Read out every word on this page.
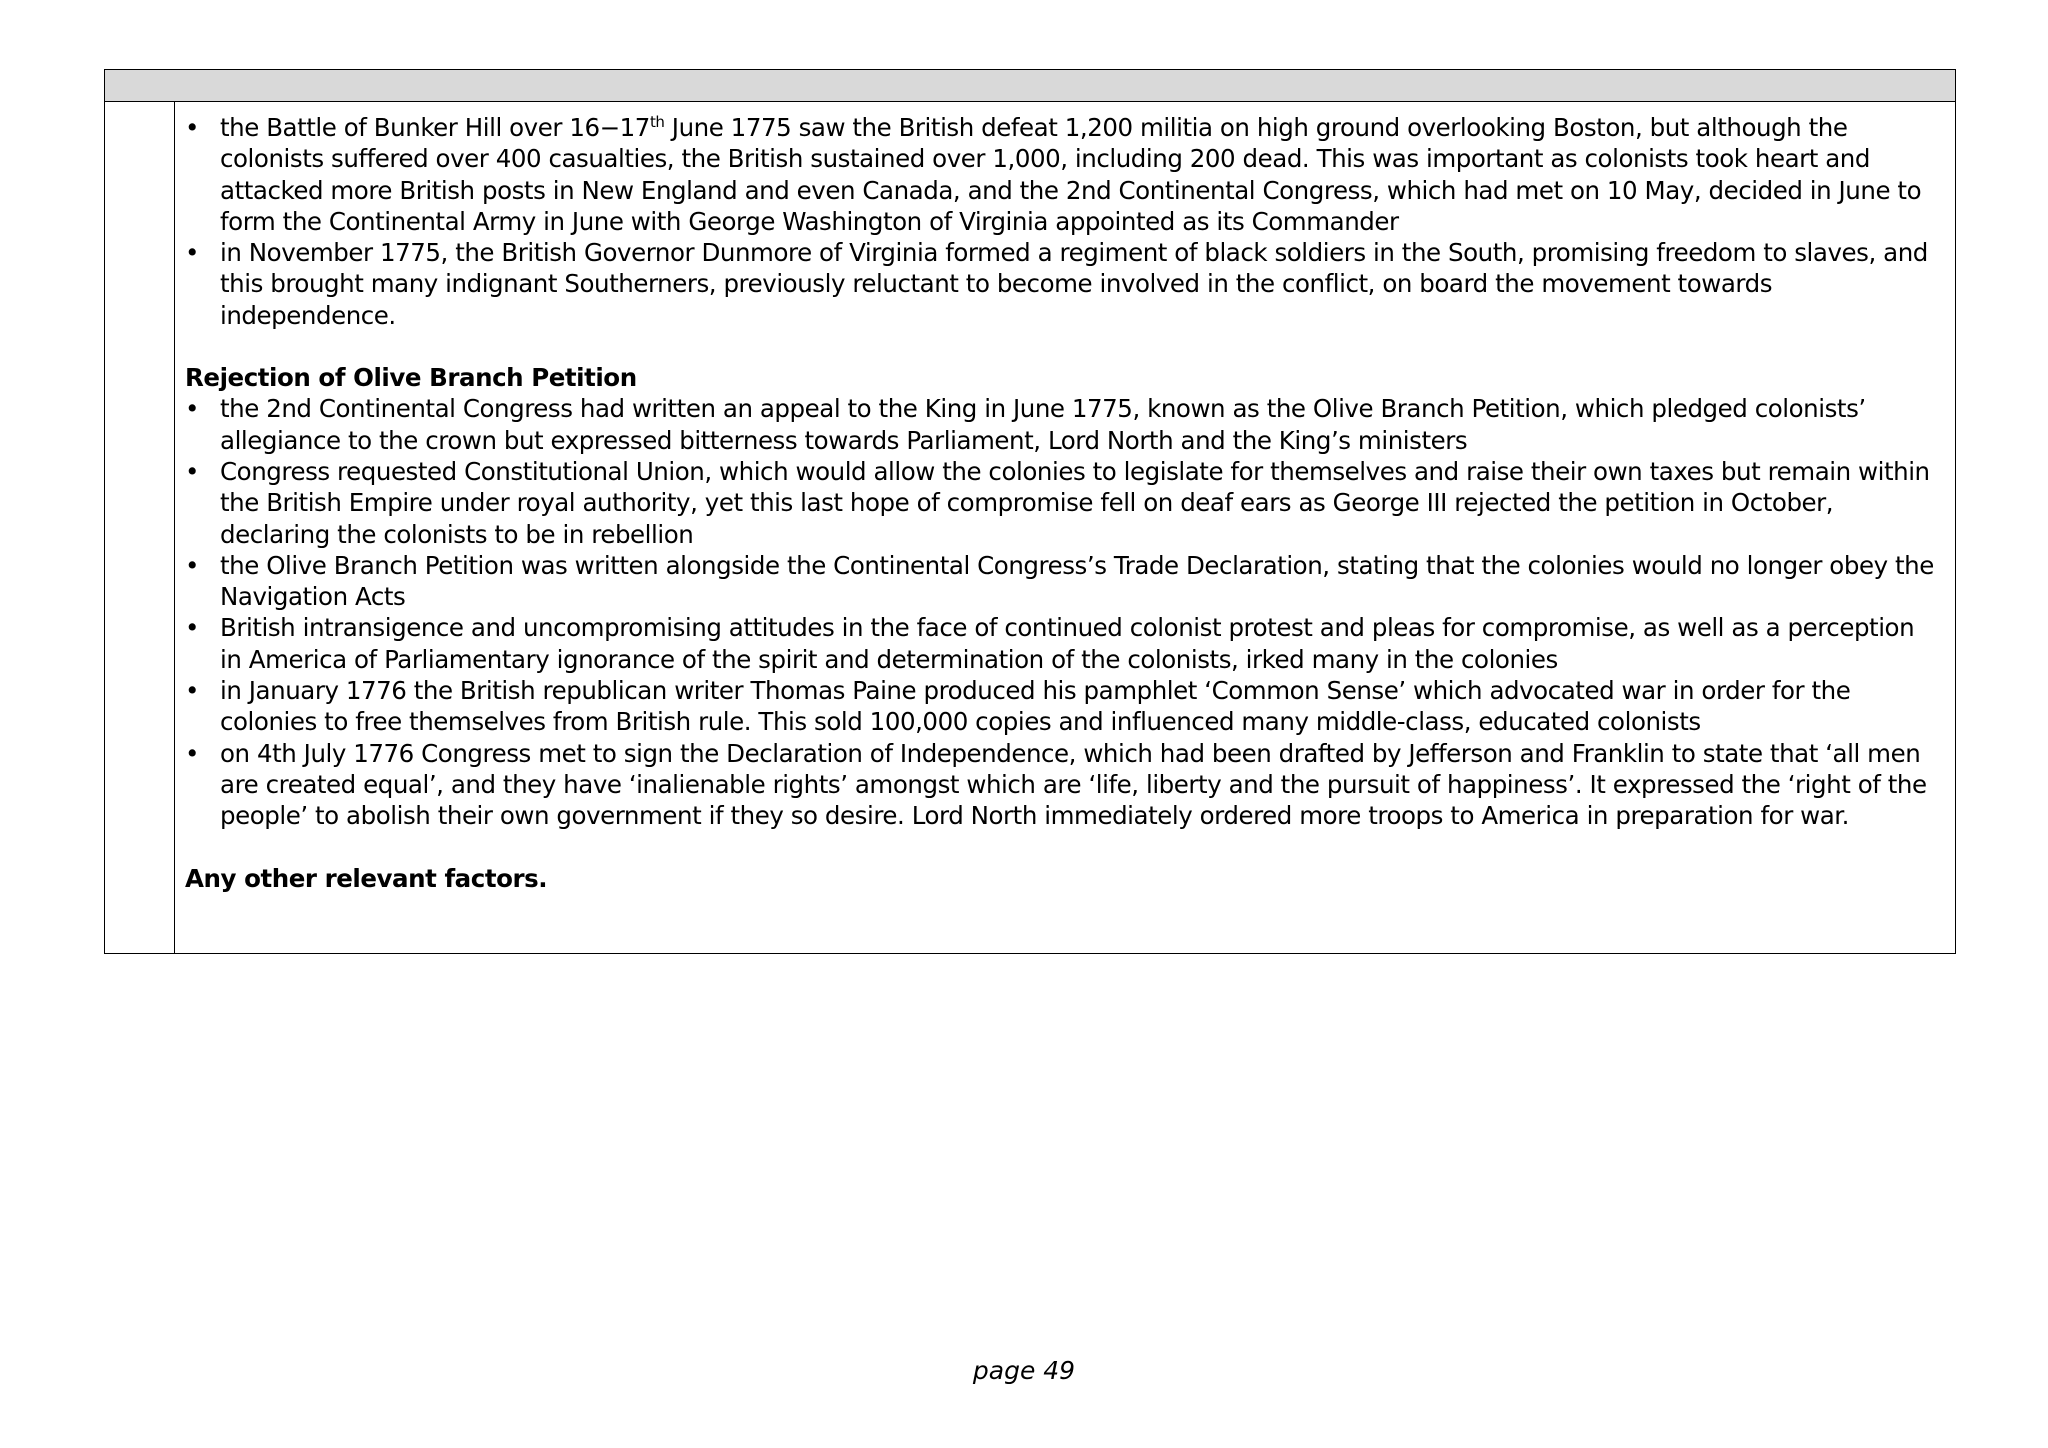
• the Battle of Bunker Hill over 16−17th June 1775 saw the British defeat 1,200 militia on high ground overlooking Boston, but although the colonists suffered over 400 casualties, the British sustained over 1,000, including 200 dead. This was important as colonists took heart and attacked more British posts in New England and even Canada, and the 2nd Continental Congress, which had met on 10 May, decided in June to form the Continental Army in June with George Washington of Virginia appointed as its Commander
• in November 1775, the British Governor Dunmore of Virginia formed a regiment of black soldiers in the South, promising freedom to slaves, and this brought many indignant Southerners, previously reluctant to become involved in the conflict, on board the movement towards independence.
Rejection of Olive Branch Petition
• the 2nd Continental Congress had written an appeal to the King in June 1775, known as the Olive Branch Petition, which pledged colonists’ allegiance to the crown but expressed bitterness towards Parliament, Lord North and the King’s ministers
• Congress requested Constitutional Union, which would allow the colonies to legislate for themselves and raise their own taxes but remain within the British Empire under royal authority, yet this last hope of compromise fell on deaf ears as George III rejected the petition in October, declaring the colonists to be in rebellion
• the Olive Branch Petition was written alongside the Continental Congress’s Trade Declaration, stating that the colonies would no longer obey the Navigation Acts
• British intransigence and uncompromising attitudes in the face of continued colonist protest and pleas for compromise, as well as a perception in America of Parliamentary ignorance of the spirit and determination of the colonists, irked many in the colonies
• in January 1776 the British republican writer Thomas Paine produced his pamphlet ‘Common Sense’ which advocated war in order for the colonies to free themselves from British rule. This sold 100,000 copies and influenced many middle-class, educated colonists
• on 4th July 1776 Congress met to sign the Declaration of Independence, which had been drafted by Jefferson and Franklin to state that ‘all men are created equal’, and they have ‘inalienable rights’ amongst which are ‘life, liberty and the pursuit of happiness’. It expressed the ‘right of the people’ to abolish their own government if they so desire. Lord North immediately ordered more troops to America in preparation for war.
Any other relevant factors.
page 49
